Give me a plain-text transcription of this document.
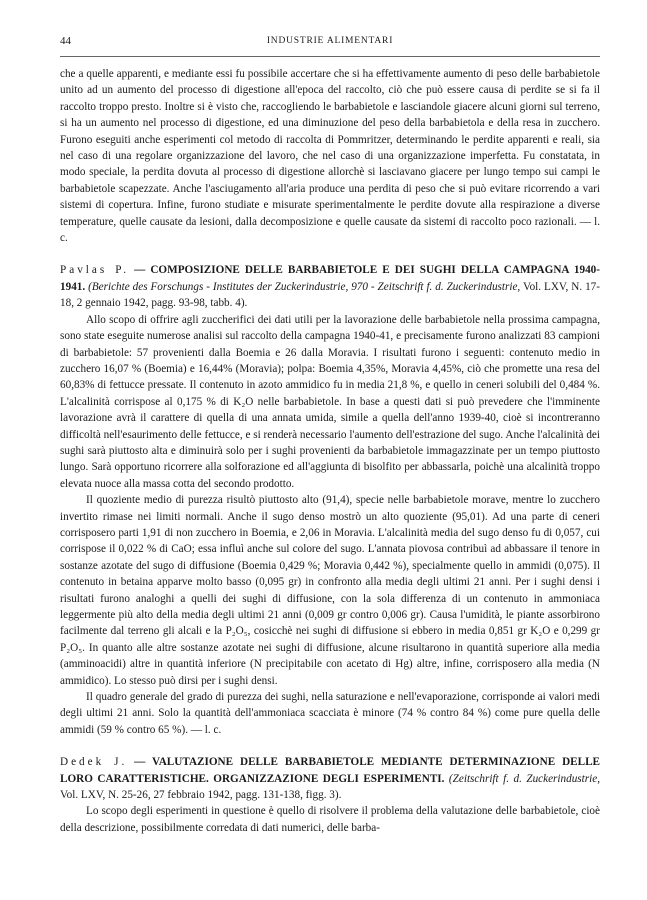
44	INDUSTRIE ALIMENTARI

che a quelle apparenti, e mediante essi fu possibile accertare che si ha effettivamente aumento di peso delle barbabietole unito ad un aumento del processo di digestione all'epoca del raccolto, ciò che può essere causa di perdite se si fa il raccolto troppo presto. Inoltre si è visto che, raccogliendo le barbabietole e lasciandole giacere alcuni giorni sul terreno, si ha un aumento nel processo di digestione, ed una diminuzione del peso della barbabietola e della resa in zucchero. Furono eseguiti anche esperimenti col metodo di raccolta di Pommritzer, determinando le perdite apparenti e reali, sia nel caso di una regolare organizzazione del lavoro, che nel caso di una organizzazione imperfetta. Fu constatata, in modo speciale, la perdita dovuta al processo di digestione allorchè si lasciavano giacere per lungo tempo sui campi le barbabietole scapezzate. Anche l'asciugamento all'aria produce una perdita di peso che si può evitare ricorrendo a vari sistemi di copertura. Infine, furono studiate e misurate sperimentalmente le perdite dovute alla respirazione a diverse temperature, quelle causate da lesioni, dalla decomposizione e quelle causate da sistemi di raccolto poco razionali. — l. c.

Pavlas P. — COMPOSIZIONE DELLE BARBABIETOLE E DEI SUGHI DELLA CAMPAGNA 1940-1941. (Berichte des Forschungs - Institutes der Zuckerindustrie, 970 - Zeitschrift f. d. Zuckerindustrie, Vol. LXV, N. 17-18, 2 gennaio 1942, pagg. 93-98, tabb. 4).

Allo scopo di offrire agli zuccherifici dei dati utili per la lavorazione delle barbabietole nella prossima campagna, sono state eseguite numerose analisi sul raccolto della campagna 1940-41, e precisamente furono analizzati 83 campioni di barbabietole: 57 provenienti dalla Boemia e 26 dalla Moravia. I risultati furono i seguenti: contenuto medio in zucchero 16,07 % (Boemia) e 16,44% (Moravia); polpa: Boemia 4,35%, Moravia 4,45%, ciò che promette una resa del 60,83% di fettucce pressate. Il contenuto in azoto ammidico fu in media 21,8 %, e quello in ceneri solubili del 0,484 %. L'alcalinità corrispose al 0,175 % di K₂O nelle barbabietole. In base a questi dati si può prevedere che l'imminente lavorazione avrà il carattere di quella di una annata umida, simile a quella dell'anno 1939-40, cioè si incontreranno difficoltà nell'esaurimento delle fettucce, e si renderà necessario l'aumento dell'estrazione del sugo. Anche l'alcalinità dei sughi sarà piuttosto alta e diminuirà solo per i sughi provenienti da barbabietole immagazzinate per un tempo piuttosto lungo. Sarà opportuno ricorrere alla solforazione ed all'aggiunta di bisolfito per abbassarla, poichè una alcalinità troppo elevata nuoce alla massa cotta del secondo prodotto.

Il quoziente medio di purezza risultò piuttosto alto (91,4), specie nelle barbabietole morave, mentre lo zucchero invertito rimase nei limiti normali. Anche il sugo denso mostrò un alto quoziente (95,01). Ad una parte di ceneri corrisposero parti 1,91 di non zucchero in Boemia, e 2,06 in Moravia. L'alcalinità media del sugo denso fu di 0,057, cui corrispose il 0,022 % di CaO; essa influì anche sul colore del sugo. L'annata piovosa contribuì ad abbassare il tenore in sostanze azotate del sugo di diffusione (Boemia 0,429 %; Moravia 0,442 %), specialmente quello in ammidi (0,075). Il contenuto in betaina apparve molto basso (0,095 gr) in confronto alla media degli ultimi 21 anni. Per i sughi densi i risultati furono analoghi a quelli dei sughi di diffusione, con la sola differenza di un contenuto in ammoniaca leggermente più alto della media degli ultimi 21 anni (0,009 gr contro 0,006 gr). Causa l'umidità, le piante assorbirono facilmente dal terreno gli alcali e la P₂O₅, cosicchè nei sughi di diffusione si ebbero in media 0,851 gr K₂O e 0,299 gr P₂O₅. In quanto alle altre sostanze azotate nei sughi di diffusione, alcune risultarono in quantità superiore alla media (amminoacidi) altre in quantità inferiore (N precipitabile con acetato di Hg) altre, infine, corrisposero alla media (N ammidico). Lo stesso può dirsi per i sughi densi.

Il quadro generale del grado di purezza dei sughi, nella saturazione e nell'evaporazione, corrisponde ai valori medi degli ultimi 21 anni. Solo la quantità dell'ammoniaca scacciata è minore (74 % contro 84 %) come pure quella delle ammidi (59 % contro 65 %). — l. c.

Dedek J. — VALUTAZIONE DELLE BARBABIETOLE MEDIANTE DETERMINAZIONE DELLE LORO CARATTERISTICHE. ORGANIZZAZIONE DEGLI ESPERIMENTI. (Zeitschrift f. d. Zuckerindustrie, Vol. LXV, N. 25-26, 27 febbraio 1942, pagg. 131-138, figg. 3).

Lo scopo degli esperimenti in questione è quello di risolvere il problema della valutazione delle barbabietole, cioè della descrizione, possibilmente corredata di dati numerici, delle barba-
